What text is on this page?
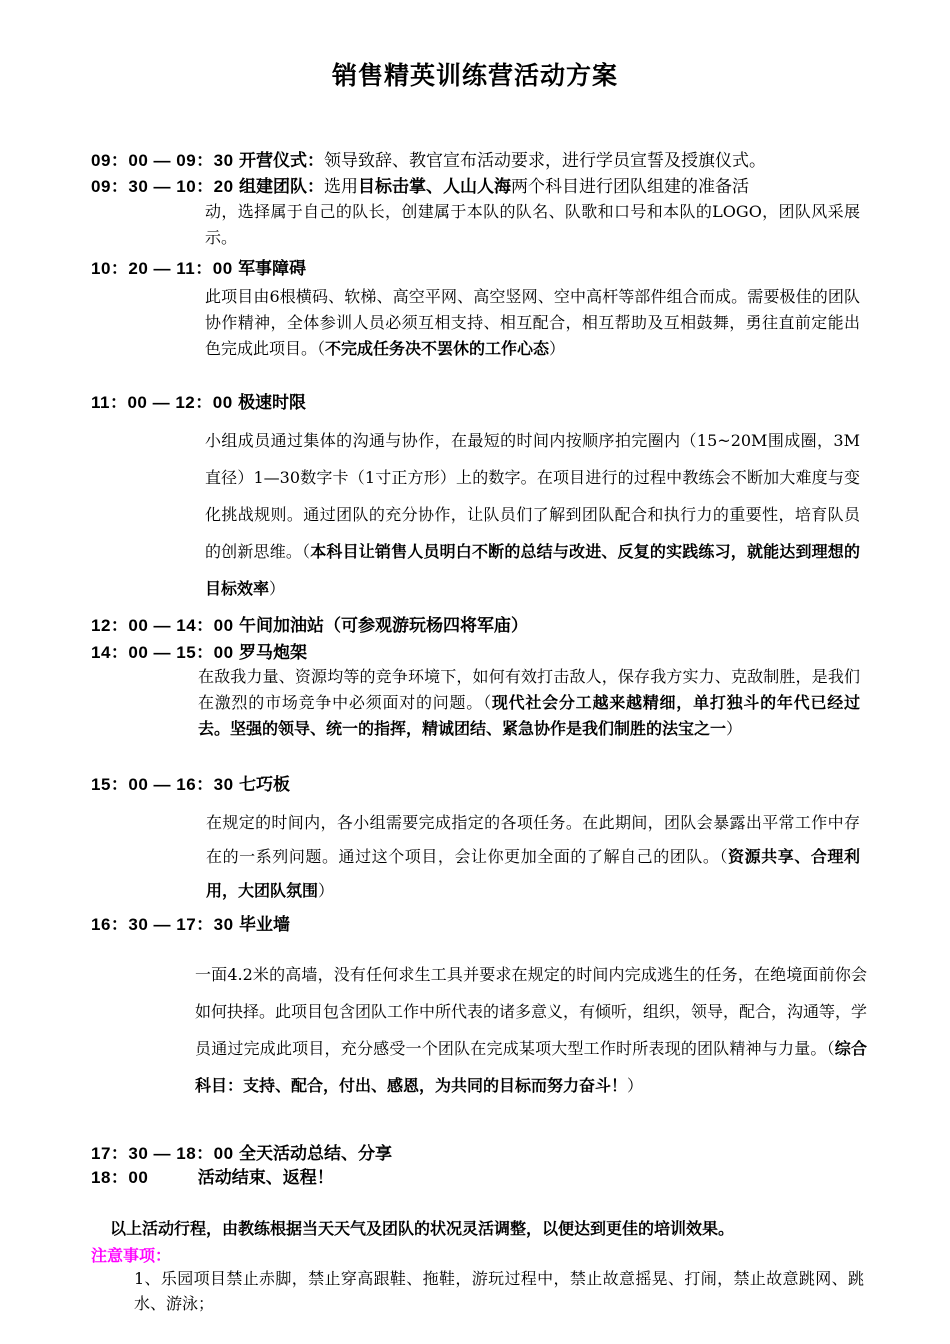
销售精英训练营活动方案
09：00 — 09：30 开营仪式：领导致辞、教官宣布活动要求，进行学员宣誓及授旗仪式。
09：30 — 10：20 组建团队：选用目标击掌、人山人海两个科目进行团队组建的准备活
动，选择属于自己的队长，创建属于本队的队名、队歌和口号和本队的LOGO，团队风采展示。
10：20 — 11：00 军事障碍
此项目由6根横码、软梯、高空平网、高空竖网、空中高杆等部件组合而成。需要极佳的团队协作精神，全体参训人员必须互相支持、相互配合，相互帮助及互相鼓舞，勇往直前定能出色完成此项目。（不完成任务决不罢休的工作心态）
11：00 — 12：00 极速时限
小组成员通过集体的沟通与协作，在最短的时间内按顺序拍完圈内（15~20M围成圈，3M直径）1—30数字卡（1寸正方形）上的数字。在项目进行的过程中教练会不断加大难度与变化挑战规则。通过团队的充分协作，让队员们了解到团队配合和执行力的重要性，培育队员的创新思维。（本科目让销售人员明白不断的总结与改进、反复的实践练习，就能达到理想的目标效率）
12：00 — 14：00 午间加油站（可参观游玩杨四将军庙）
14：00 — 15：00 罗马炮架
在敌我力量、资源均等的竞争环境下，如何有效打击敌人，保存我方实力、克敌制胜，是我们在激烈的市场竞争中必须面对的问题。（现代社会分工越来越精细，单打独斗的年代已经过去。坚强的领导、统一的指挥，精诚团结、紧急协作是我们制胜的法宝之一）
15：00 — 16：30 七巧板
在规定的时间内，各小组需要完成指定的各项任务。在此期间，团队会暴露出平常工作中存在的一系列问题。通过这个项目，会让你更加全面的了解自己的团队。（资源共享、合理利用，大团队氛围）
16：30 — 17：30 毕业墙
一面4.2米的高墙，没有任何求生工具并要求在规定的时间内完成逃生的任务，在绝境面前你会如何抉择。此项目包含团队工作中所代表的诸多意义，有倾听，组织，领导，配合，沟通等，学员通过完成此项目，充分感受一个团队在完成某项大型工作时所表现的团队精神与力量。（综合科目：支持、配合，付出、感恩，为共同的目标而努力奋斗！）
17：30 — 18：00 全天活动总结、分享
18：00	活动结束、返程！
以上活动行程，由教练根据当天天气及团队的状况灵活调整，以便达到更佳的培训效果。
注意事项：
1、乐园项目禁止赤脚，禁止穿高跟鞋、拖鞋，游玩过程中，禁止故意摇晃、打闹，禁止故意跳网、跳水、游泳；
